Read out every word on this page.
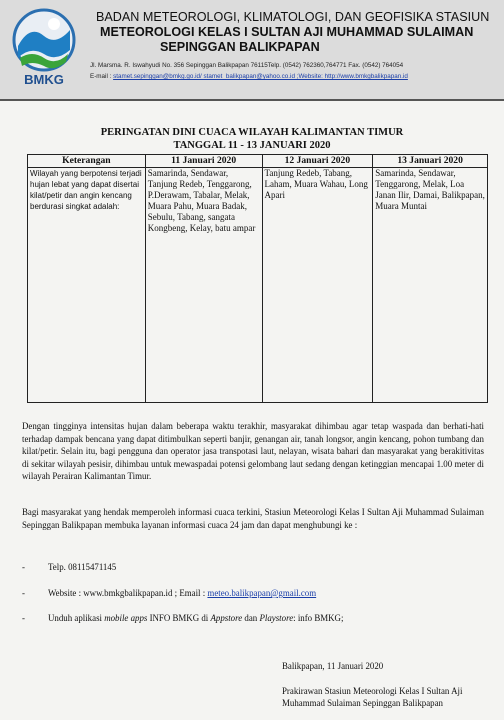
BMKG
BADAN METEOROLOGI, KLIMATOLOGI, DAN GEOFISIKA STASIUN
METEOROLOGI KELAS I SULTAN AJI MUHAMMAD SULAIMAN
SEPINGGAN BALIKPAPAN
Jl. Marsma. R. Iswahyudi No. 356 Sepinggan Balikpapan 76115Telp. (0542) 762360,764771 Fax. (0542) 764054
E-mail : stamet.sepinggan@bmkg.go.id/ stamet_balikpapan@yahoo.co.id ;Website: http://www.bmkgbalikpapan.id
PERINGATAN DINI CUACA WILAYAH KALIMANTAN TIMUR
TANGGAL 11 - 13 JANUARI 2020
Keterangan	11 Januari 2020	12 Januari 2020	13 Januari 2020
Wilayah yang berpotensi terjadi hujan lebat yang dapat disertai kilat/petir dan angin kencang berdurasi singkat adalah:	Samarinda, Sendawar, Tanjung Redeb, Tenggarong, P.Derawam, Tabalar, Melak, Muara Pahu, Muara Badak, Sebulu, Tabang, sangata Kongbeng, Kelay, batu ampar	Tanjung Redeb, Tabang, Laham, Muara Wahau, Long Apari	Samarinda, Sendawar, Tenggarong, Melak, Loa Janan Ilir, Damai, Balikpapan, Muara Muntai
Dengan tingginya intensitas hujan dalam beberapa waktu terakhir, masyarakat dihimbau agar tetap waspada dan berhati-hati terhadap dampak bencana yang dapat ditimbulkan seperti banjir, genangan air, tanah longsor, angin kencang, pohon tumbang dan kilat/petir. Selain itu, bagi pengguna dan operator jasa transpotasi laut, nelayan, wisata bahari dan masyarakat yang berakitivitas di sekitar wilayah pesisir, dihimbau untuk mewaspadai potensi gelombang laut sedang dengan ketinggian mencapai 1.00 meter di wilayah Perairan Kalimantan Timur.
Bagi masyarakat yang hendak memperoleh informasi cuaca terkini, Stasiun Meteorologi Kelas I Sultan Aji Muhammad Sulaiman Sepinggan Balikpapan membuka layanan informasi cuaca 24 jam dan dapat menghubungi ke :
-	Telp. 08115471145
-	Website : www.bmkgbalikpapan.id ; Email : meteo.balikpapan@gmail.com
-	Unduh aplikasi mobile apps INFO BMKG di Appstore dan Playstore: info BMKG;
Balikpapan, 11 Januari 2020
Prakirawan Stasiun Meteorologi Kelas I Sultan Aji
Muhammad Sulaiman Sepinggan Balikpapan
